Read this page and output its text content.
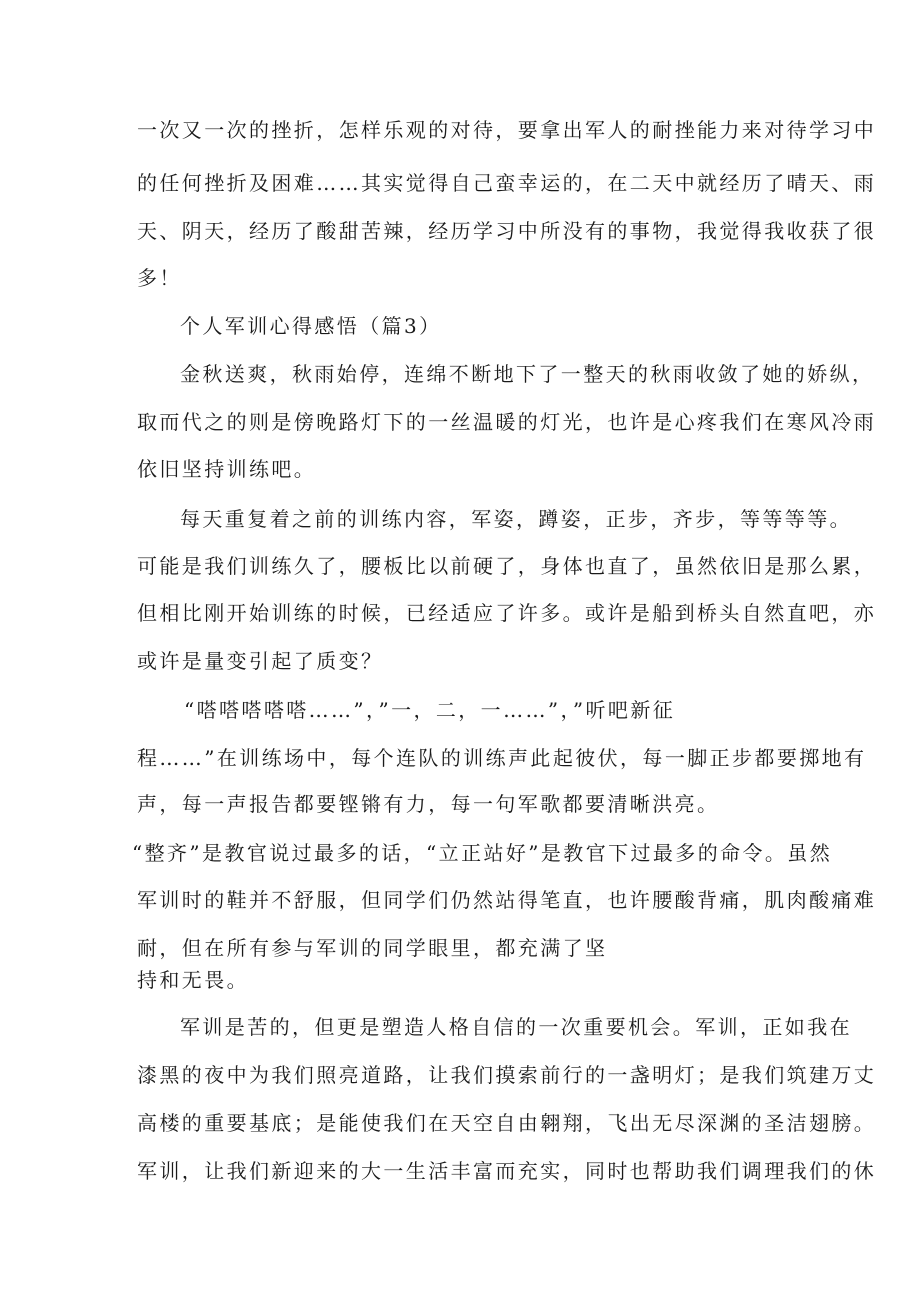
一次又一次的挫折，怎样乐观的对待，要拿出军人的耐挫能力来对待学习中
的任何挫折及困难……其实觉得自己蛮幸运的，在二天中就经历了晴天、雨
天、阴天，经历了酸甜苦辣，经历学习中所没有的事物，我觉得我收获了很
多！
个人军训心得感悟（篇3）
金秋送爽，秋雨始停，连绵不断地下了一整天的秋雨收敛了她的娇纵，
取而代之的则是傍晚路灯下的一丝温暖的灯光，也许是心疼我们在寒风冷雨
依旧坚持训练吧。
每天重复着之前的训练内容，军姿，蹲姿，正步，齐步，等等等等。
可能是我们训练久了，腰板比以前硬了，身体也直了，虽然依旧是那么累，
但相比刚开始训练的时候，已经适应了许多。或许是船到桥头自然直吧，亦
或许是量变引起了质变？
“嗒嗒嗒嗒嗒……”，”一，二，一……”，”听吧新征
程……”在训练场中，每个连队的训练声此起彼伏，每一脚正步都要掷地有
声，每一声报告都要铿锵有力，每一句军歌都要清晰洪亮。
“整齐”是教官说过最多的话，“立正站好”是教官下过最多的命令。虽然
军训时的鞋并不舒服，但同学们仍然站得笔直，也许腰酸背痛，肌肉酸痛难
耐，但在所有参与军训的同学眼里，都充满了坚
持和无畏。
军训是苦的，但更是塑造人格自信的一次重要机会。军训，正如我在
漆黑的夜中为我们照亮道路，让我们摸索前行的一盏明灯；是我们筑建万丈
高楼的重要基底；是能使我们在天空自由翱翔，飞出无尽深渊的圣洁翅膀。
军训，让我们新迎来的大一生活丰富而充实，同时也帮助我们调理我们的休
